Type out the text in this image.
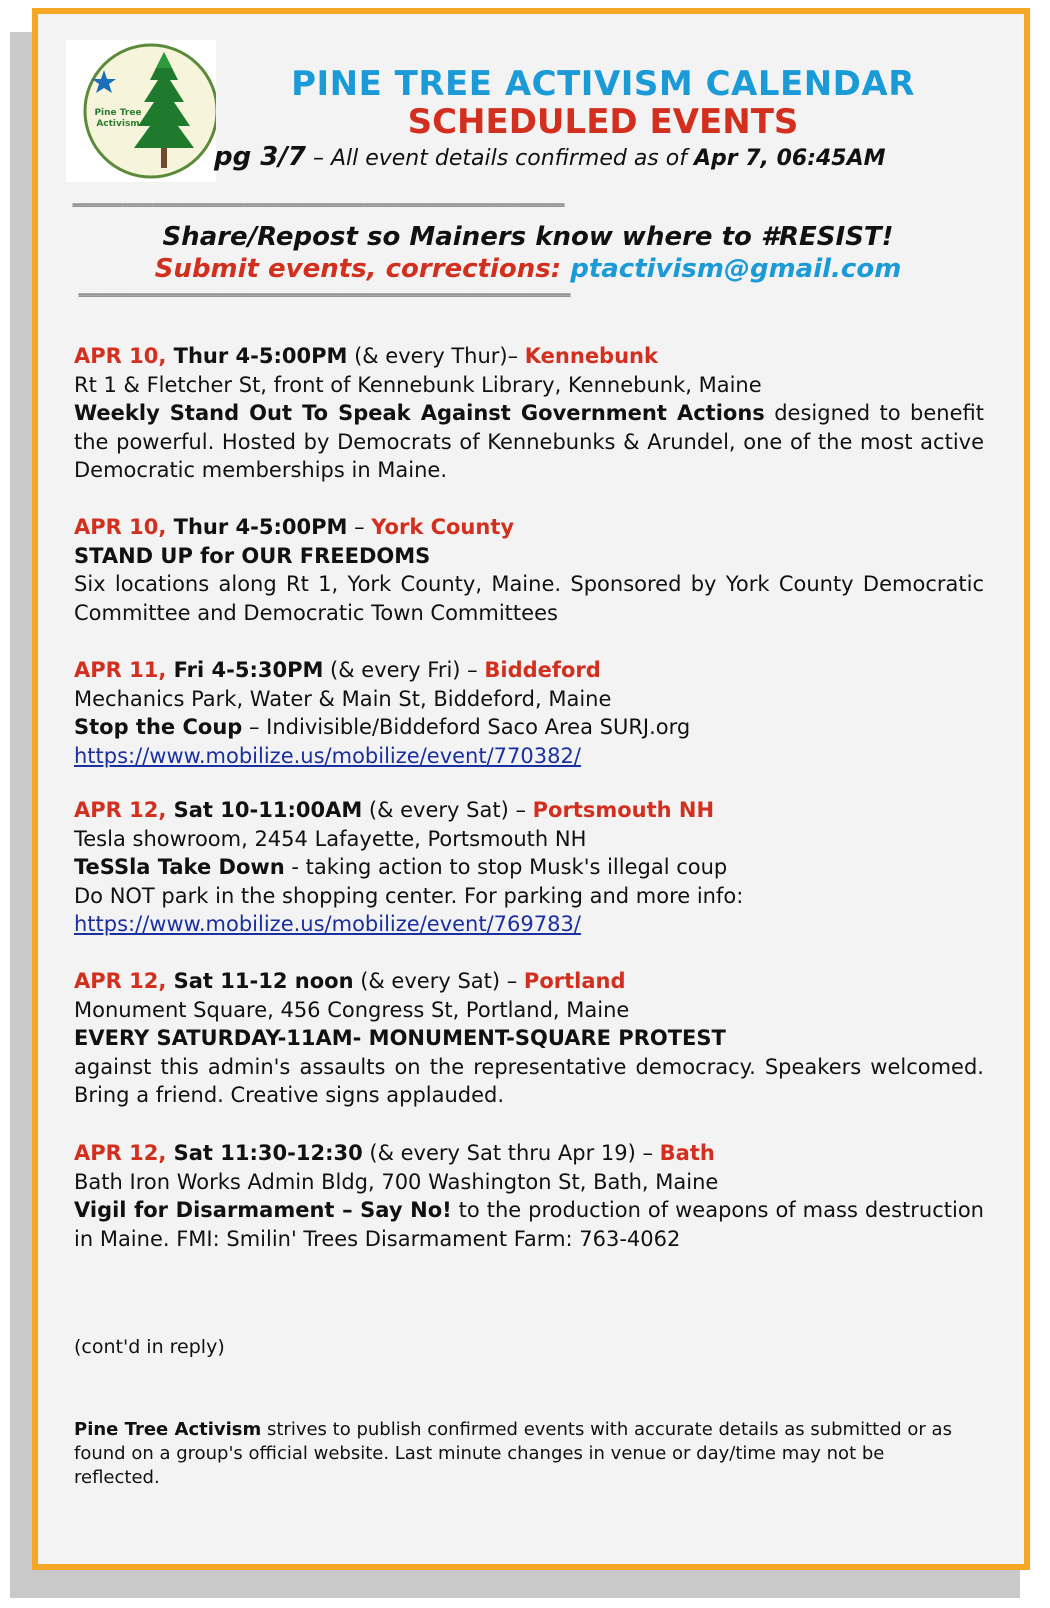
Pine Tree Activism
PINE TREE ACTIVISM CALENDAR
SCHEDULED EVENTS
pg 3/7 – All event details confirmed as of Apr 7, 06:45AM
==================================================================================================
Share/Repost so Mainers know where to #RESIST!
Submit events, corrections: ptactivism@gmail.com
==================================================================================================

APR 10, Thur 4-5:00PM (& every Thur)– Kennebunk

Rt 1 & Fletcher St, front of Kennebunk Library, Kennebunk, Maine

Weekly Stand Out To Speak Against Government Actions designed to benefit the powerful. Hosted by Democrats of Kennebunks & Arundel, one of the most active Democratic memberships in Maine.

APR 10, Thur 4-5:00PM – York County

STAND UP for OUR FREEDOMS

Six locations along Rt 1, York County, Maine. Sponsored by York County Democratic Committee and Democratic Town Committees

APR 11, Fri 4-5:30PM (& every Fri) – Biddeford

Mechanics Park, Water & Main St, Biddeford, Maine

Stop the Coup – Indivisible/Biddeford Saco Area SURJ.org

https://www.mobilize.us/mobilize/event/770382/

APR 12, Sat 10-11:00AM (& every Sat) – Portsmouth NH

Tesla showroom, 2454 Lafayette, Portsmouth NH

TeSSla Take Down - taking action to stop Musk's illegal coup

Do NOT park in the shopping center. For parking and more info:

https://www.mobilize.us/mobilize/event/769783/

APR 12, Sat 11-12 noon (& every Sat) – Portland

Monument Square, 456 Congress St, Portland, Maine

EVERY SATURDAY-11AM- MONUMENT-SQUARE PROTEST

against this admin's assaults on the representative democracy. Speakers welcomed. Bring a friend. Creative signs applauded.

APR 12, Sat 11:30-12:30 (& every Sat thru Apr 19) – Bath

Bath Iron Works Admin Bldg, 700 Washington St, Bath, Maine

Vigil for Disarmament – Say No! to the production of weapons of mass destruction in Maine. FMI: Smilin' Trees Disarmament Farm: 763-4062

(cont'd in reply)
Pine Tree Activism strives to publish confirmed events with accurate details as submitted or as found on a group's official website. Last minute changes in venue or day/time may not be reflected.
